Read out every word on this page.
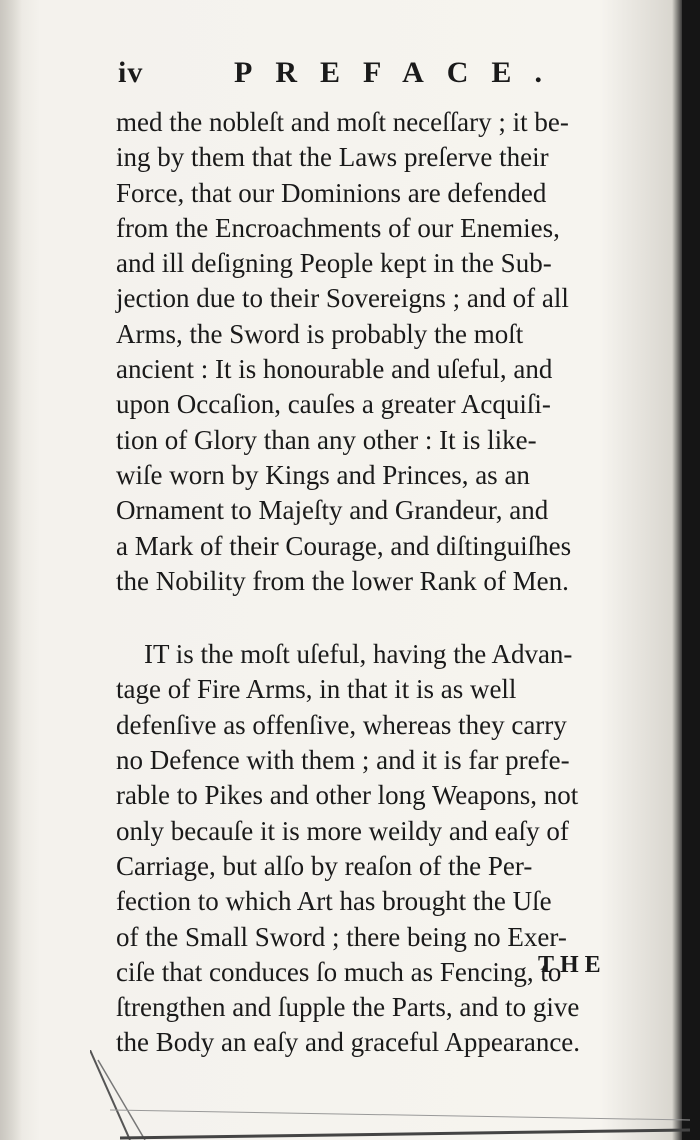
iv	PREFACE.
med the nobleſt and moſt neceſſary ; it be-
ing by them that the Laws preſerve their
Force, that our Dominions are defended
from the Encroachments of our Enemies,
and ill deſigning People kept in the Sub-
jection due to their Sovereigns ; and of all
Arms, the Sword is probably the moſt
ancient : It is honourable and uſeful, and
upon Occaſion, cauſes a greater Acquiſi-
tion of Glory than any other : It is like-
wiſe worn by Kings and Princes, as an
Ornament to Majeſty and Grandeur, and
a Mark of their Courage, and diſtinguiſhes
the Nobility from the lower Rank of Men.
IT is the moſt uſeful, having the Advan-
tage of Fire Arms, in that it is as well
defenſive as offenſive, whereas they carry
no Defence with them ; and it is far prefe-
rable to Pikes and other long Weapons, not
only becauſe it is more weildy and eaſy of
Carriage, but alſo by reaſon of the Per-
fection to which Art has brought the Uſe
of the Small Sword ; there being no Exer-
ciſe that conduces ſo much as Fencing, to
ſtrengthen and ſupple the Parts, and to give
the Body an eaſy and graceful Appearance.
THE
